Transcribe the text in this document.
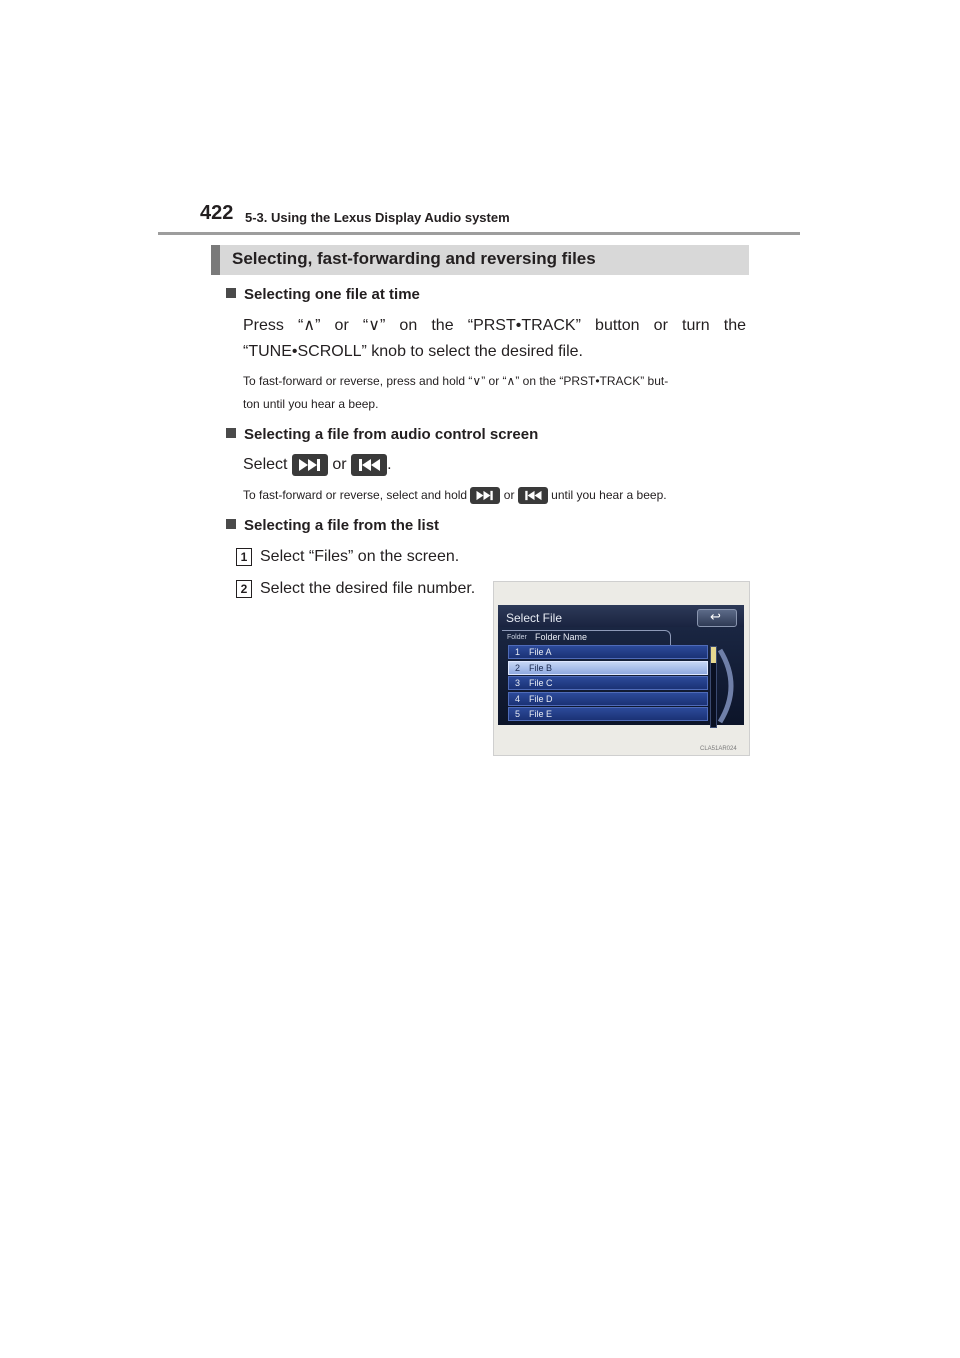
422 5-3. Using the Lexus Display Audio system
Selecting, fast-forwarding and reversing files
Selecting one file at time
Press “∧” or “∨” on the “PRST•TRACK” button or turn the
“TUNE•SCROLL” knob to select the desired file.
To fast-forward or reverse, press and hold “∨” or “∧” on the “PRST•TRACK” but-
ton until you hear a beep.
Selecting a file from audio control screen
Select	or	.
To fast-forward or reverse, select and hold	or	until you hear a beep.
Selecting a file from the list
1 Select “Files” on the screen.
2 Select the desired file number.
Select File	↩
Folder Folder Name
1 File A
2 File B
3 File C
4 File D
5 File E
CLA51AR024
